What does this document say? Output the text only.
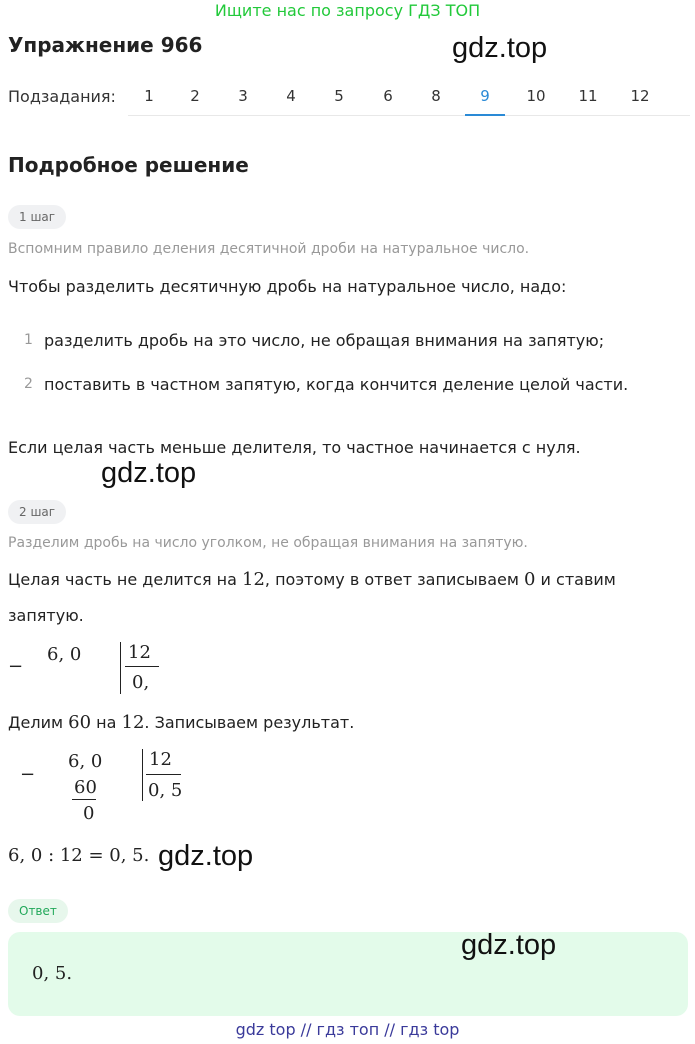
Ищите нас по запросу ГДЗ ТОП
Упражнение 966	gdz.top
Подзадания:	1	2	3	4	5	6	8	9	10	11	12
Подробное решение
1 шаг
Вспомним правило деления десятичной дроби на натуральное число.
Чтобы разделить десятичную дробь на натуральное число, надо:
1 разделить дробь на это число, не обращая внимания на запятую;
2 поставить в частном запятую, когда кончится деление целой части.
Если целая часть меньше делителя, то частное начинается с нуля.
gdz.top
2 шаг
Разделим дробь на число уголком, не обращая внимания на запятую.
Целая часть не делится на 12, поэтому в ответ записываем 0 и ставим
запятую.
−
6, 0	12
0,
Делим 60 на 12. Записываем результат.
−
6, 0
60
0
12
0, 5
6, 0 : 12 = 0, 5. gdz.top
Ответ
0, 5.
gdz.top
gdz top // гдз топ // гдз top
